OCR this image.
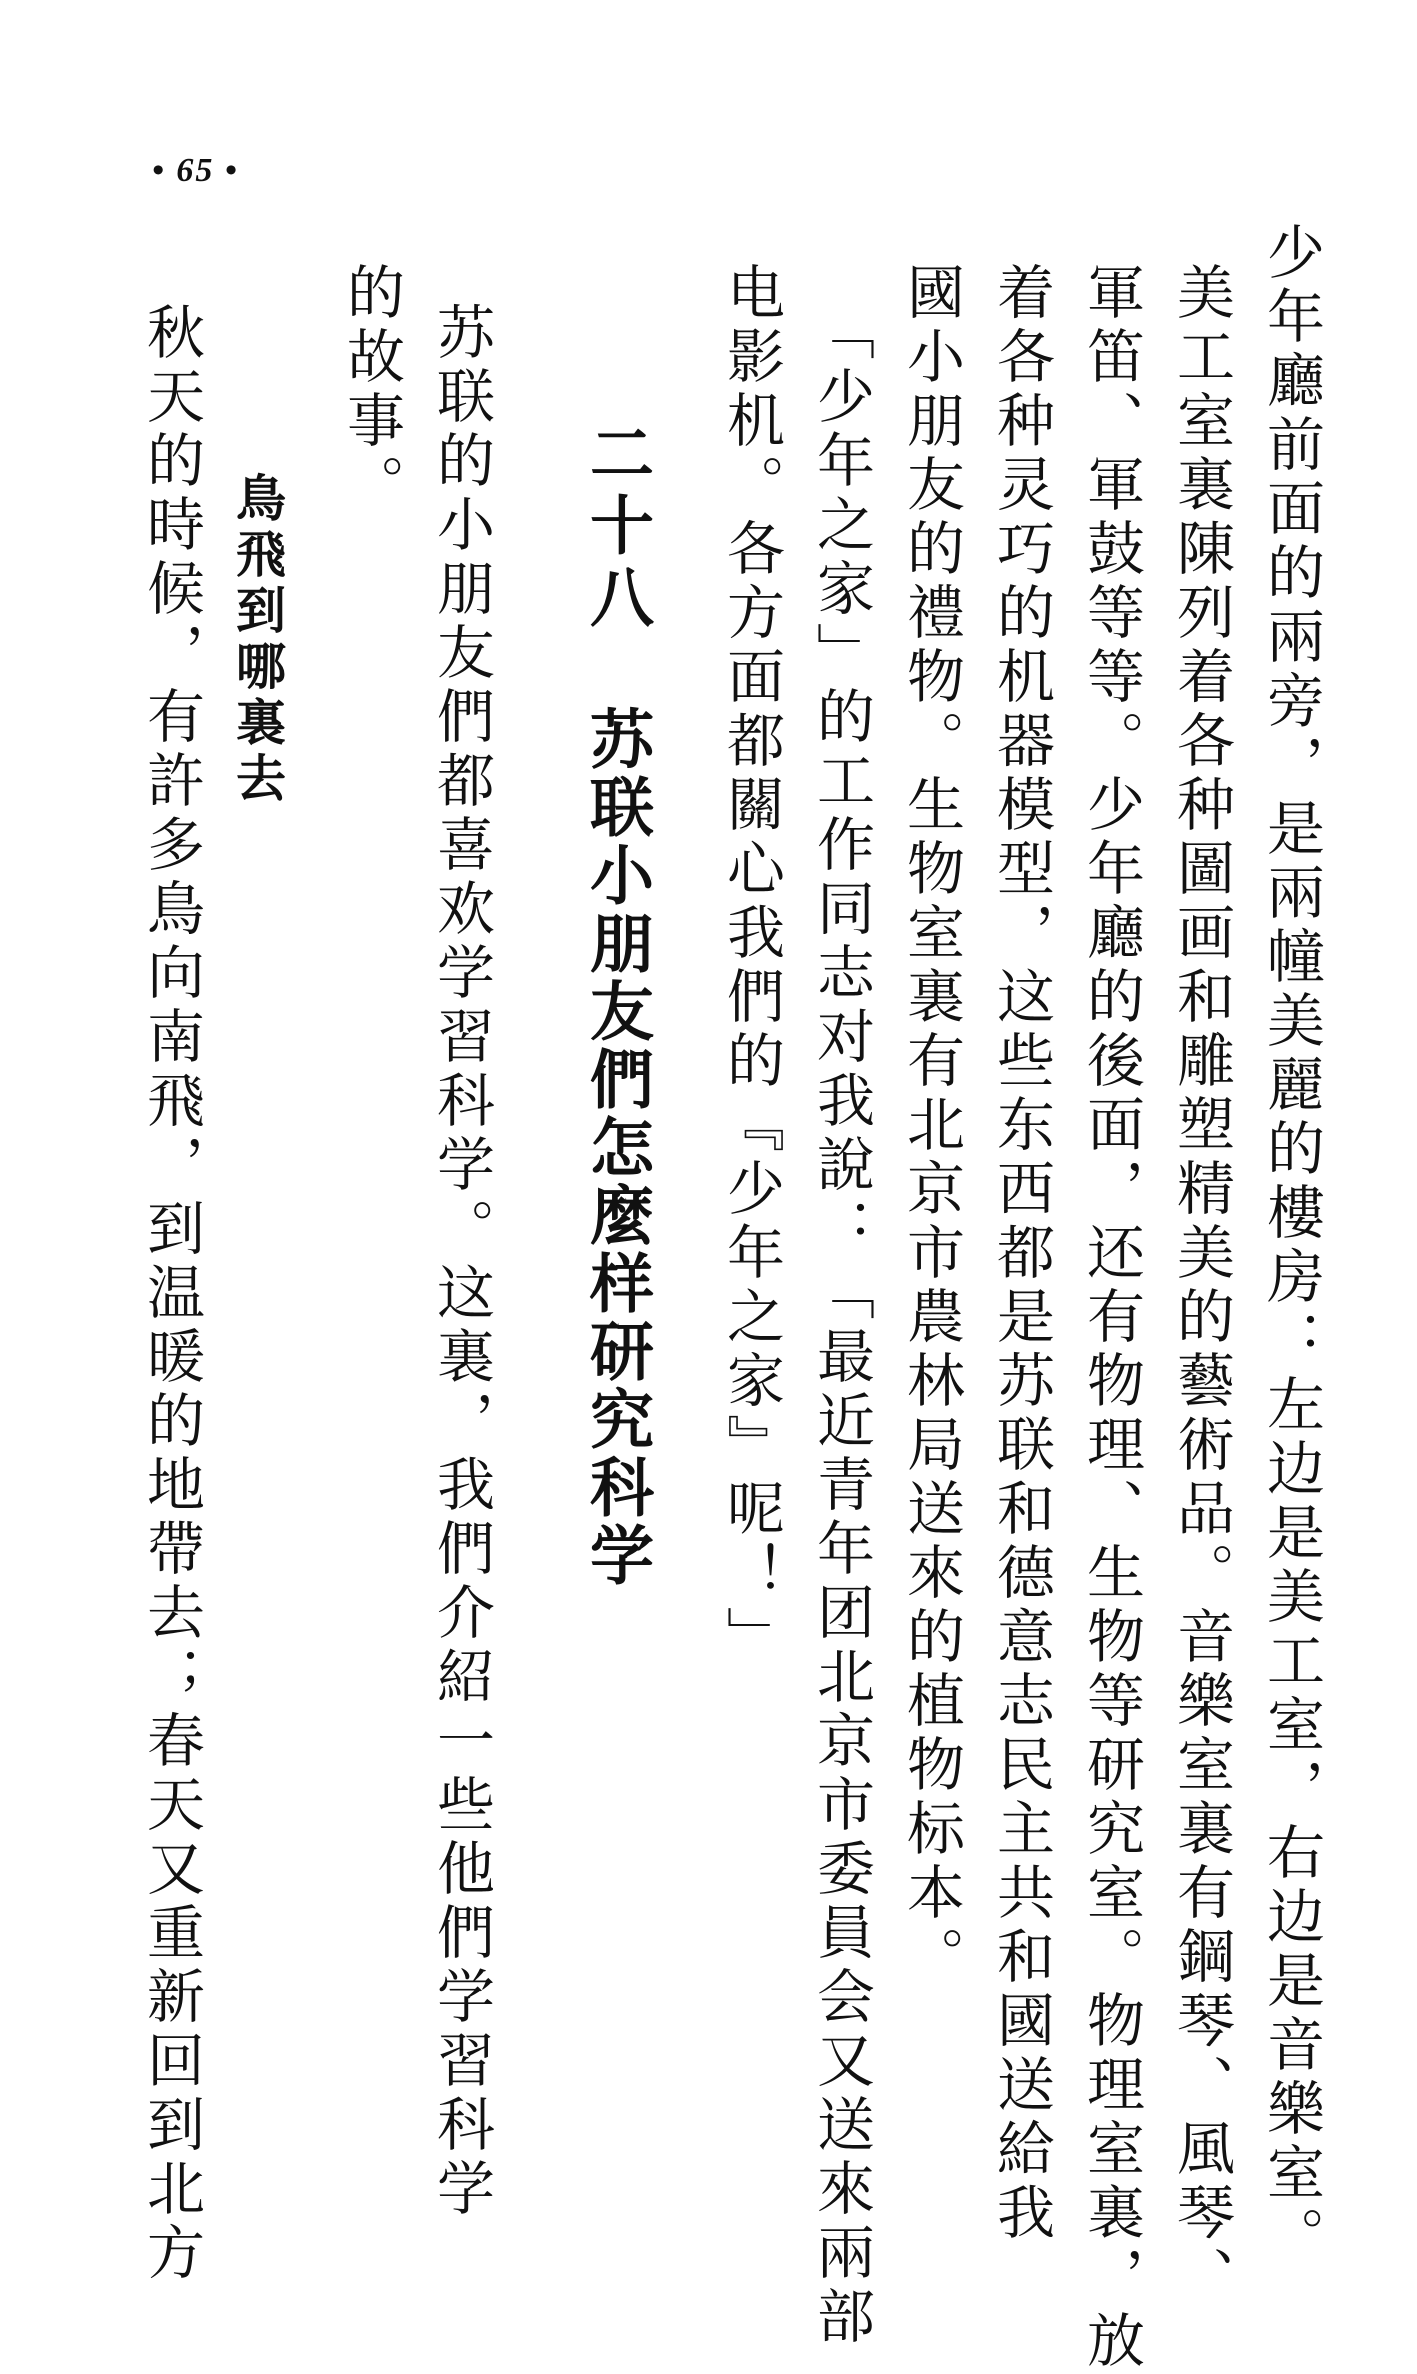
• 65 •
少年廳前面的兩旁，是兩幢美麗的樓房：左边是美工室，右边是音樂室。
美工室裏陳列着各种圖画和雕塑精美的藝術品。音樂室裏有鋼琴、風琴、
軍笛、軍鼓等等。少年廳的後面，还有物理、生物等研究室。物理室裏，放
着各种灵巧的机器模型，这些东西都是苏联和德意志民主共和國送給我
國小朋友的禮物。生物室裏有北京市農林局送來的植物标本。
「少年之家」的工作同志对我說：「最近青年团北京市委員会又送來兩部
电影机。各方面都關心我們的『少年之家』呢！」
二十八苏联小朋友們怎麼样研究科学
苏联的小朋友們都喜欢学習科学。这裏，我們介紹一些他們学習科学
的故事。
鳥飛到哪裏去
秋天的時候，有許多鳥向南飛，到温暖的地帶去；春天又重新回到北方
